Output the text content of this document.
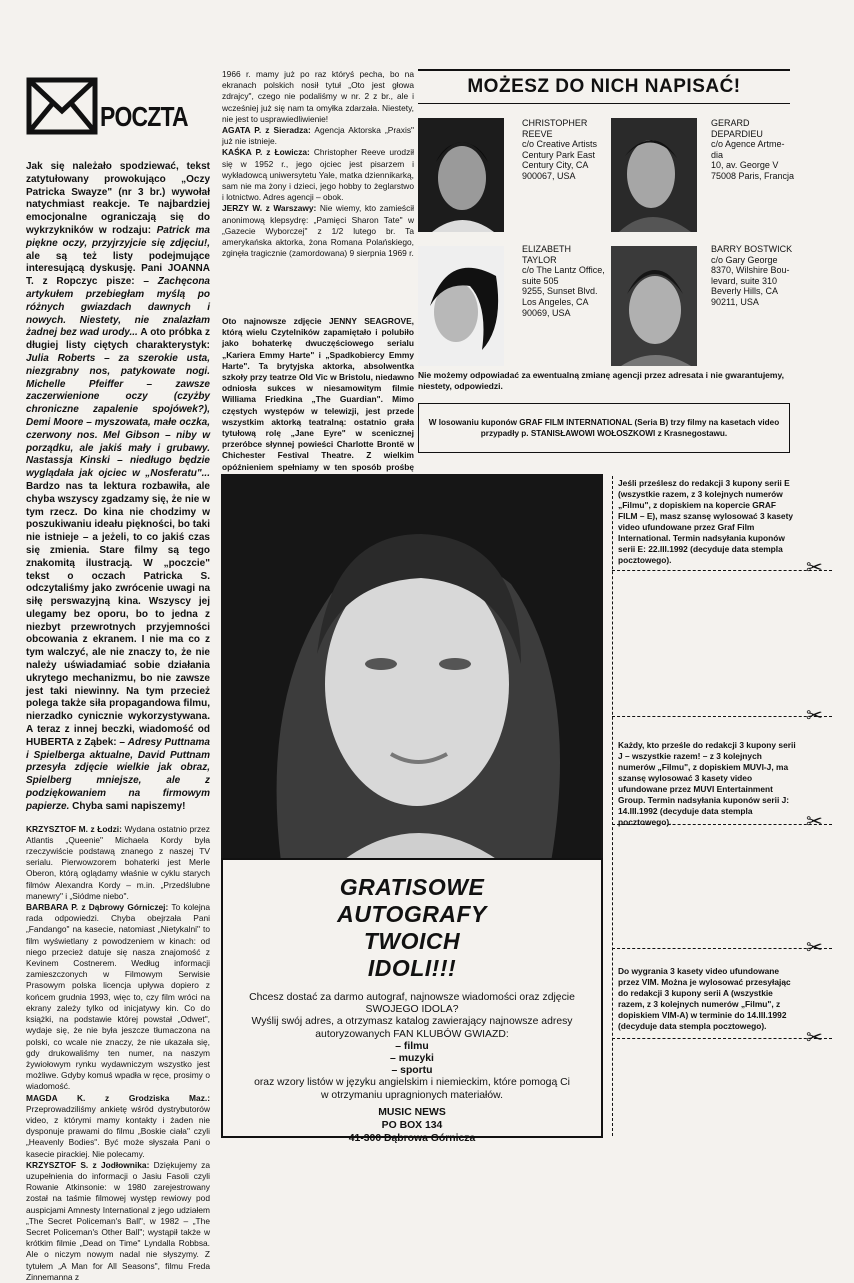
POCZTA
Jak się należało spodziewać, tekst zatytułowany prowokującо „Oczy Patricka Swayze" (nr 3 br.) wywołał natychmiast reakcje. Te najbardziej emocjonalne ograniczają się do wykrzykników w rodzaju: Patrick ma piękne oczy, przyjrzyjcie się zdjęciu!, ale są też listy podejmujące interesującą dyskusję. Pani JOANNA T. z Ropczyc pisze: – Zachęcona artykułem przebiegłam myślą po różnych gwiazdach dawnych i nowych. Niestety, nie znalazłam żadnej bez wad urody... A oto próbka z długiej listy ciętych charakterystyk: Julia Roberts – za szerokie usta, niezgrabny nos, patykowate nogi. Michelle Pfeiffer – zawsze zaczerwienione oczy (czyżby chroniczne zapalenie spojówek?), Demi Moore – myszowata, małe oczka, czerwony nos. Mel Gibson – niby w porządku, ale jakiś mały i grubawy. Nastassja Kinski – niedługo będzie wyglądała jak ojciec w „Nosferatu"... Bardzo nas ta lektura rozbawiła, ale chyba wszyscy zgadzamy się, że nie w tym rzecz. Do kina nie chodzimy w poszukiwaniu ideału piękności, bo taki nie istnieje – a jeżeli, to co jakiś czas się zmienia. Stare filmy są tego znakomitą ilustracją. W „poczcie" tekst o oczach Patricka S. odczytaliśmy jako zwrócenie uwagi na siłę perswazyjną kina. Wszyscy jej ulegamy bez oporu, bo to jedna z niezbyt przewrotnych przyjemności obcowania z ekranem. I nie ma co z tym walczyć, ale nie znaczy to, że nie należy uświadamiać sobie działania ukrytego mechanizmu, bo nie zawsze jest taki niewinny. Na tym przecież polega także siła propagandowa filmu, nierzadko cynicznie wykorzystywana. A teraz z innej beczki, wiadomość od HUBERTA z Ząbek: – Adresy Puttnama i Spielberga aktualne, David Puttnam przesyła zdjęcie wielkie jak obraz, Spielberg mniejsze, ale z podziękowaniem na firmowym papierze. Chyba sami napiszemy!

KRZYSZTOF M. z Łodzi: Wydana ostatnio przez Atlantis „Queenie" Michaela Kordy była rzeczywiście podstawą znanego z naszej TV serialu. Pierwowzorem bohaterki jest Merle Oberon, którą oglądamy właśnie w cyklu starych filmów Alexandra Kordy – m.in. „Przedślubne manewry" i „Siódme niebo".

BARBARA P. z Dąbrowy Górniczej: To kolejna rada odpowiedzi. Chyba obejrzała Pani „Fandango" na kasecie, natomiast „Nietykalni" to film wyświetlany z powodzeniem w kinach: od niego przecież datuje się nasza znajomość z Kevinem Costnerem. Według informacji zamieszczonych w Filmowym Serwisie Prasowym polska licencja upływa dopiero z końcem grudnia 1993, więc to, czy film wróci na ekrany zależy tylko od inicjatywy kin. Co do książki, na podstawie której powstał „Odwet", wydaje się, że nie była jeszcze tłumaczona na polski, co wcale nie znaczy, że nie ukazała się, gdy drukowaliśmy ten numer, na naszym żywiołowym rynku wydawniczym wszystko jest możliwe. Gdyby komuś wpadła w ręce, prosimy o wiadomość.

MAGDA K. z Grodziska Maz.: Przeprowadziliśmy ankietę wśród dystrybutorów video, z którymi mamy kontakty i żaden nie dysponuje prawami do filmu „Boskie ciała" czyli „Heavenly Bodies". Być może słyszała Pani o kasecie pirackiej. Nie polecamy.

KRZYSZTOF S. z Jodłownika: Dziękujemy za uzupełnienia do informacji o Jasiu Fasoli czyli Rowanie Atkinsonie: w 1980 zarejestrowany został na taśmie filmowej występ rewiowy pod auspicjami Amnesty International z jego udziałem „The Secret Policeman's Ball", w 1982 – „The Secret Policeman's Other Ball"; wystąpił także w krótkim filmie „Dead on Time" Lyndalla Robbsa. Ale o niczym nowym nadal nie słyszymy. Z tytułem „A Man for All Seasons", filmu Freda Zinnemanna z

1966 r. mamy już po raz któryś pecha, bo na ekranach polskich nosił tytuł „Oto jest głowa zdrajcy", czego nie podaliśmy w nr. 2 z br., ale i wcześniej już się nam ta omyłka zdarzała. Niestety, nie jest to usprawiedliwienie!

AGATA P. z Sieradza: Agencja Aktorska „Praxis" już nie istnieje.

KAŚKA P. z Łowicza: Christopher Reeve urodził się w 1952 r., jego ojciec jest pisarzem i wykładowcą uniwersytetu Yale, matka dziennikarką, sam nie ma żony i dzieci, jego hobby to żeglarstwo i lotnictwo. Adres agencji – obok.

JERZY W. z Warszawy: Nie wiemy, kto zamieścił anonimową klepsydrę: „Pamięci Sharon Tate" w „Gazecie Wyborczej" z 1/2 lutego br. Ta amerykańska aktorka, żona Romana Polańskiego, zginęła tragicznie (zamordowana) 9 sierpnia 1969 r.

Oto najnowsze zdjęcie JENNY SEAGROVE, którą wielu Czytelników zapamiętało i polubiło jako bohaterkę dwuczęściowego serialu „Kariera Emmy Harte" i „Spadkobiercy Emmy Harte". Ta brytyjska aktorka, absolwentka szkoły przy teatrze Old Vic w Bristolu, niedawno odniosła sukces w niesamowitym filmie Williama Friedkina „The Guardian". Mimo częstych występów w telewizji, jest przede wszystkim aktorką teatralną: ostatnio grała tytułową rolę „Jane Eyre" w scenicznej przeróbce słynnej powieści Charlotte Brontë w Chichester Festival Theatre. Z wielkim opóźnieniem spełniamy w ten sposób prośbę
MOŻESZ DO NICH NAPISAĆ!
CHRISTOPHER
REEVE
c/o Creative Artists
Century Park East
Century City, CA
900067, USA
GERARD
DEPARDIEU
c/o Agence Artme-
dia
10, av. George V
75008 Paris, Francja
ELIZABETH
TAYLOR
c/o The Lantz Office,
suite 505
9255, Sunset Blvd.
Los Angeles, CA
90069, USA
BARRY BOSTWICK
c/o Gary George
8370, Wilshire Bou-
levard, suite 310
Beverly Hills, CA
90211, USA
Nie możemy odpowiadać za ewentualną zmianę agencji przez adresata i nie gwarantujemy, niestety, odpowiedzi.
W losowaniu kuponów GRAF FILM INTERNATIONAL (Seria B) trzy filmy na kasetach video przypadły p. STANISŁAWOWI WOŁOSZKOWI z Krasnegostawu.
GRATISOWE
AUTOGRAFY
TWOICH
IDOLI!!!
Chcesz dostać za darmo autograf, najnowsze wiadomości oraz zdjęcie
SWOJEGO IDOLA?
Wyślij swój adres, a otrzymasz katalog zawierający najnowsze adresy
autoryzowanych FAN KLUBÓW GWIAZD:
– filmu
– muzyki
– sportu
oraz wzory listów w języku angielskim i niemieckim, które pomogą Ci
w otrzymaniu upragnionych materiałów.
MUSIC NEWS
PO BOX 134
41-300 Dąbrowa Górnicza
Jeśli prześlesz do redakcji 3 kupony serii E (wszystkie razem, z 3 kolejnych numerów „Filmu", z dopiskiem na kopercie GRAF FILM – E), masz szansę wylosować 3 kasety video ufundowane przez Graf Film International. Termin nadsyłania kuponów serii E: 22.III.1992 (decyduje data stempla pocztowego).	✂
✂
Każdy, kto prześle do redakcji 3 kupony serii J – wszystkie razem! – z 3 kolejnych numerów „Filmu", z dopiskiem MUVI-J, ma szansę wylosować 3 kasety video ufundowane przez MUVI Entertainment Group. Termin nadsyłania kuponów serii J: 14.III.1992 (decyduje data stempla pocztowego).	✂
✂
Do wygrania 3 kasety video ufundowane przez VIM. Można je wylosować przesyłając do redakcji 3 kupony serii A (wszystkie razem, z 3 kolejnych numerów „Filmu", z dopiskiem VIM-A) w terminie do 14.III.1992 (decyduje data stempla pocztowego).
✂
